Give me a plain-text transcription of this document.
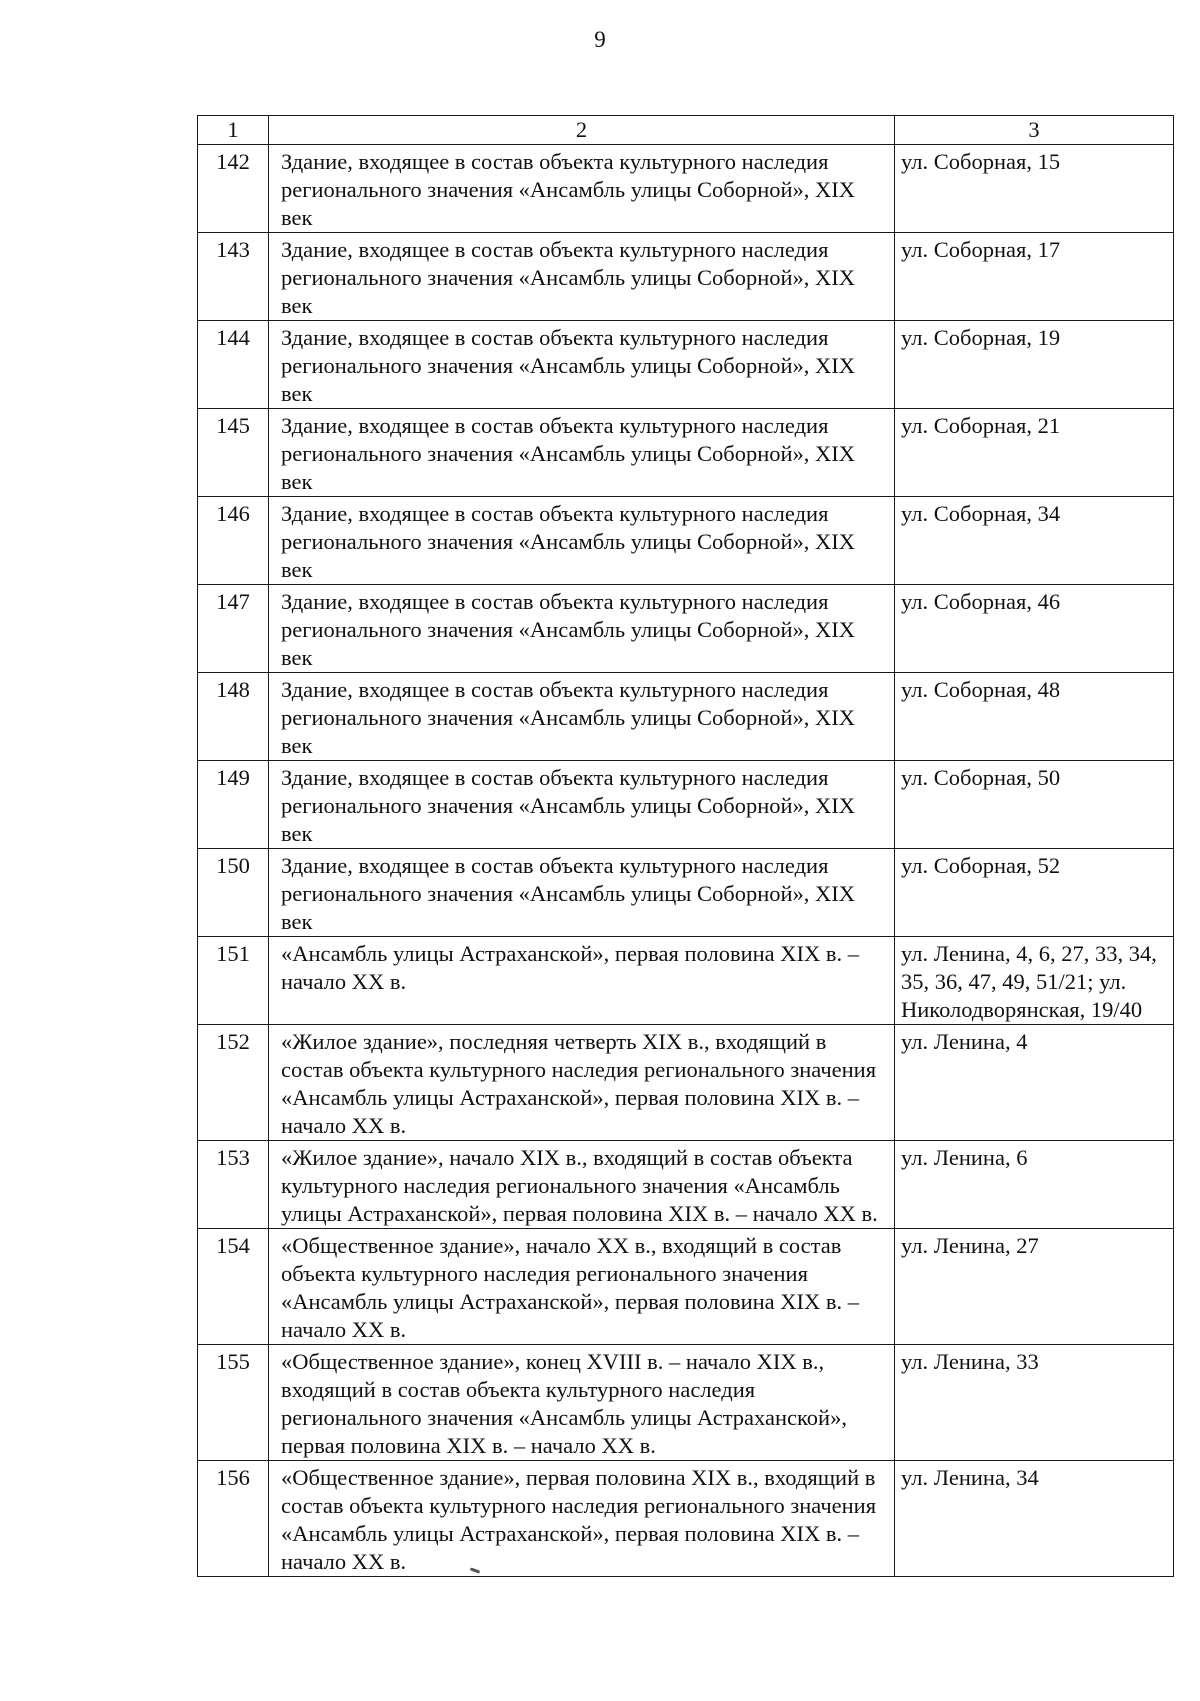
9
1	2	3
142	Здание, входящее в состав объекта культурного наследия регионального значения «Ансамбль улицы Соборной», XIX век	ул. Соборная, 15
143	Здание, входящее в состав объекта культурного наследия регионального значения «Ансамбль улицы Соборной», XIX век	ул. Соборная, 17
144	Здание, входящее в состав объекта культурного наследия регионального значения «Ансамбль улицы Соборной», XIX век	ул. Соборная, 19
145	Здание, входящее в состав объекта культурного наследия регионального значения «Ансамбль улицы Соборной», XIX век	ул. Соборная, 21
146	Здание, входящее в состав объекта культурного наследия регионального значения «Ансамбль улицы Соборной», XIX век	ул. Соборная, 34
147	Здание, входящее в состав объекта культурного наследия регионального значения «Ансамбль улицы Соборной», XIX век	ул. Соборная, 46
148	Здание, входящее в состав объекта культурного наследия регионального значения «Ансамбль улицы Соборной», XIX век	ул. Соборная, 48
149	Здание, входящее в состав объекта культурного наследия регионального значения «Ансамбль улицы Соборной», XIX век	ул. Соборная, 50
150	Здание, входящее в состав объекта культурного наследия регионального значения «Ансамбль улицы Соборной», XIX век	ул. Соборная, 52
151	«Ансамбль улицы Астраханской», первая половина XIX в. – начало XX в.	ул. Ленина, 4, 6, 27, 33, 34, 35, 36, 47, 49, 51/21; ул. Николодворянская, 19/40
152	«Жилое здание», последняя четверть XIX в., входящий в состав объекта культурного наследия регионального значения «Ансамбль улицы Астраханской», первая половина XIX в. – начало XX в.	ул. Ленина, 4
153	«Жилое здание», начало XIX в., входящий в состав объекта культурного наследия регионального значения «Ансамбль улицы Астраханской», первая половина XIX в. – начало XX в.	ул. Ленина, 6
154	«Общественное здание», начало XX в., входящий в состав объекта культурного наследия регионального значения «Ансамбль улицы Астраханской», первая половина XIX в. – начало XX в.	ул. Ленина, 27
155	«Общественное здание», конец XVIII в. – начало XIX в., входящий в состав объекта культурного наследия регионального значения «Ансамбль улицы Астраханской», первая половина XIX в. – начало XX в.	ул. Ленина, 33
156	«Общественное здание», первая половина XIX в., входящий в состав объекта культурного наследия регионального значения «Ансамбль улицы Астраханской», первая половина XIX в. – начало XX в.	ул. Ленина, 34
